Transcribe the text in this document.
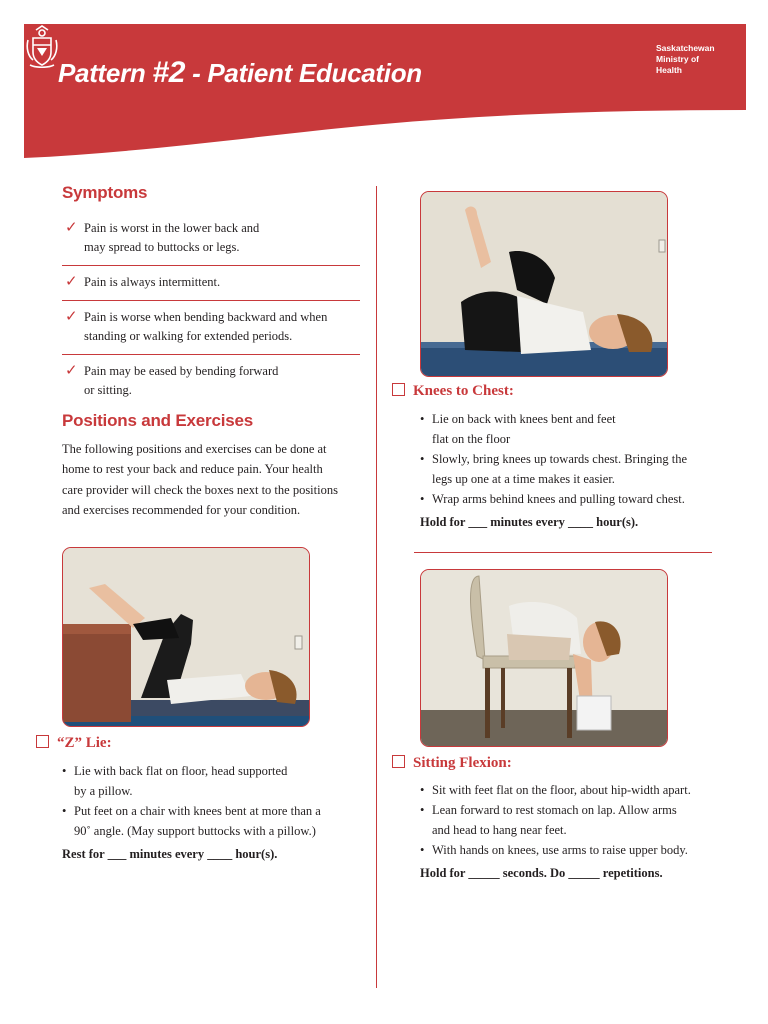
Pattern #2 - Patient Education
Saskatchewan
Ministry of
Health
Symptoms
✓ Pain is worst in the lower back and
may spread to buttocks or legs.
✓ Pain is always intermittent.
✓ Pain is worse when bending backward and when
standing or walking for extended periods.
✓ Pain may be eased by bending forward
or sitting.
Positions and Exercises

The following positions and exercises can be done at
home to rest your back and reduce pain. Your health
care provider will check the boxes next to the positions
and exercises recommended for your condition.

“Z” Lie:
• Lie with back flat on floor, head supported
by a pillow.
• Put feet on a chair with knees bent at more than a
90˚ angle. (May support buttocks with a pillow.)

Rest for ___ minutes every ____ hour(s).

Knees to Chest:
• Lie on back with knees bent and feet
flat on the floor
• Slowly, bring knees up towards chest. Bringing the
legs up one at a time makes it easier.
• Wrap arms behind knees and pulling toward chest.

Hold for ___ minutes every ____ hour(s).

Sitting Flexion:
• Sit with feet flat on the floor, about hip-width apart.
• Lean forward to rest stomach on lap. Allow arms
and head to hang near feet.
• With hands on knees, use arms to raise upper body.

Hold for _____ seconds. Do _____ repetitions.
